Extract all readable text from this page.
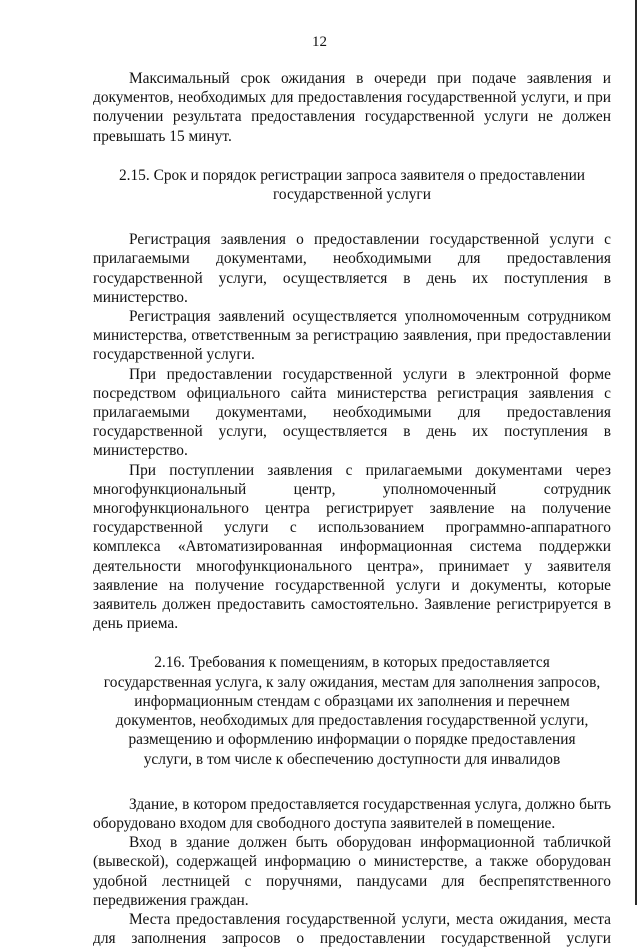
12

Максимальный срок ожидания в очереди при подаче заявления и документов, необходимых для предоставления государственной услуги, и при получении результата предоставления государственной услуги не должен превышать 15 минут.

2.15. Срок и порядок регистрации запроса заявителя о предоставлении государственной услуги

Регистрация заявления о предоставлении государственной услуги с прилагаемыми документами, необходимыми для предоставления государственной услуги, осуществляется в день их поступления в министерство.

Регистрация заявлений осуществляется уполномоченным сотрудником министерства, ответственным за регистрацию заявления, при предоставлении государственной услуги.

При предоставлении государственной услуги в электронной форме посредством официального сайта министерства регистрация заявления с прилагаемыми документами, необходимыми для предоставления государственной услуги, осуществляется в день их поступления в министерство.

При поступлении заявления с прилагаемыми документами через многофункциональный центр, уполномоченный сотрудник многофункционального центра регистрирует заявление на получение государственной услуги с использованием программно-аппаратного комплекса «Автоматизированная информационная система поддержки деятельности многофункционального центра», принимает у заявителя заявление на получение государственной услуги и документы, которые заявитель должен предоставить самостоятельно. Заявление регистрируется в день приема.

2.16. Требования к помещениям, в которых предоставляется государственная услуга, к залу ожидания, местам для заполнения запросов, информационным стендам с образцами их заполнения и перечнем документов, необходимых для предоставления государственной услуги, размещению и оформлению информации о порядке предоставления услуги, в том числе к обеспечению доступности для инвалидов

Здание, в котором предоставляется государственная услуга, должно быть оборудовано входом для свободного доступа заявителей в помещение.

Вход в здание должен быть оборудован информационной табличкой (вывеской), содержащей информацию о министерстве, а также оборудован удобной лестницей с поручнями, пандусами для беспрепятственного передвижения граждан.

Места предоставления государственной услуги, места ожидания, места для заполнения запросов о предоставлении государственной услуги
